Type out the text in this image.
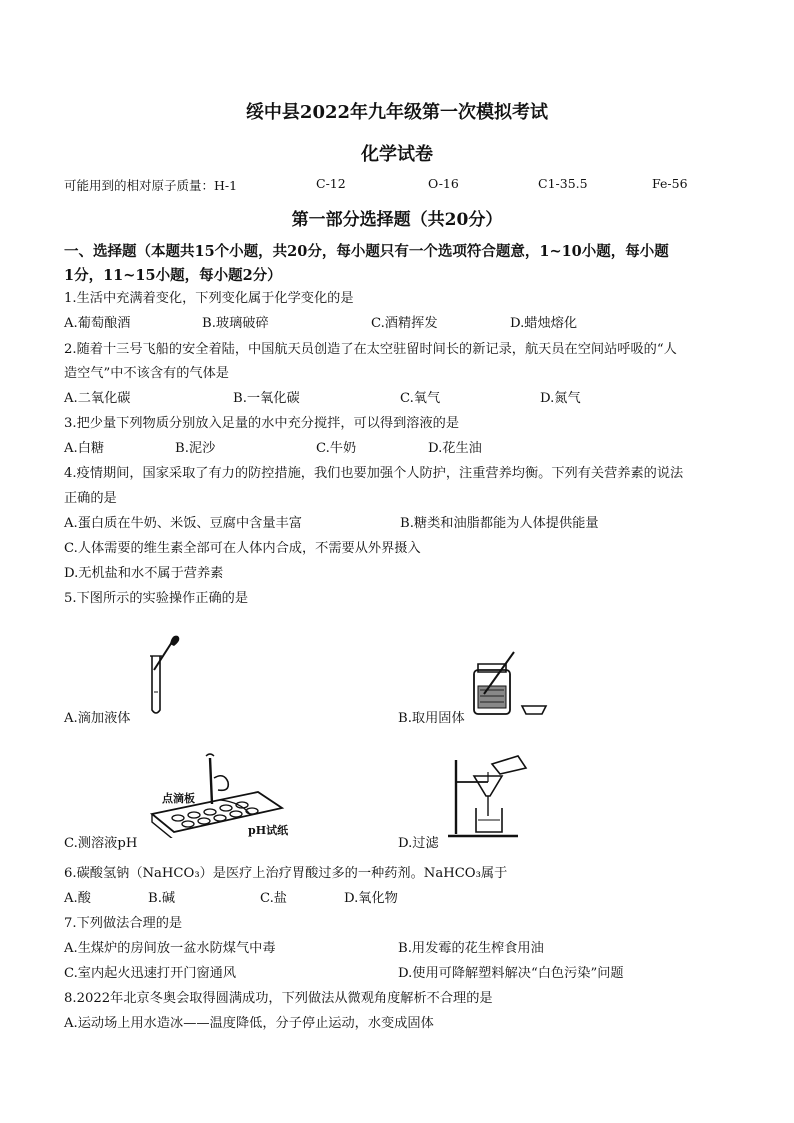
绥中县2022年九年级第一次模拟考试
化学试卷
可能用到的相对原子质量：H-1	C-12	O-16	C1-35.5	Fe-56
第一部分选择题（共20分）
一、选择题（本题共15个小题，共20分，每小题只有一个选项符合题意，1~10小题，每小题
1分，11~15小题，每小题2分）
1.生活中充满着变化，下列变化属于化学变化的是
A.葡萄酿酒	B.玻璃破碎	C.酒精挥发	D.蜡烛熔化
2.随着十三号飞船的安全着陆，中国航天员创造了在太空驻留时间长的新记录，航天员在空间站呼吸的“人
造空气”中不该含有的气体是
A.二氧化碳	B.一氧化碳	C.氧气	D.氮气
3.把少量下列物质分别放入足量的水中充分搅拌，可以得到溶液的是
A.白糖	B.泥沙	C.牛奶	D.花生油
4.疫情期间，国家采取了有力的防控措施，我们也要加强个人防护，注重营养均衡。下列有关营养素的说法
正确的是
A.蛋白质在牛奶、米饭、豆腐中含量丰富	B.糖类和油脂都能为人体提供能量
C.人体需要的维生素全部可在人体内合成，不需要从外界摄入
D.无机盐和水不属于营养素
5.下图所示的实验操作正确的是
A.滴加液体	B.取用固体
点滴板
pH试纸
C.测溶液pH	D.过滤
6.碳酸氢钠（NaHCO₃）是医疗上治疗胃酸过多的一种药剂。NaHCO₃属于
A.酸	B.碱	C.盐	D.氧化物
7.下列做法合理的是
A.生煤炉的房间放一盆水防煤气中毒	B.用发霉的花生榨食用油
C.室内起火迅速打开门窗通风	D.使用可降解塑料解决“白色污染”问题
8.2022年北京冬奥会取得圆满成功，下列做法从微观角度解析不合理的是
A.运动场上用水造冰——温度降低，分子停止运动，水变成固体
